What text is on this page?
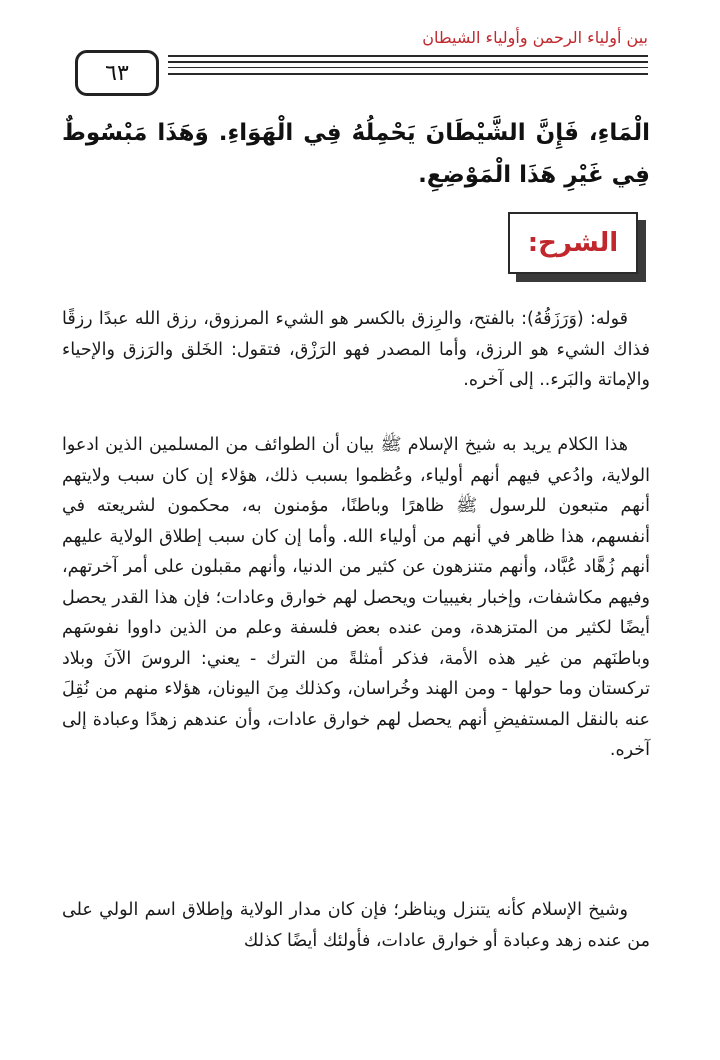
بين أولياء الرحمن وأولياء الشيطان
٦٣
الْمَاءِ، فَإِنَّ الشَّيْطَانَ يَحْمِلُهُ فِي الْهَوَاءِ. وَهَذَا مَبْسُوطٌ فِي غَيْرِ هَذَا الْمَوْضِعِ.
الشرح:

قوله: (وَرَزَقُهُ): بالفتح، والرِزق بالكسر هو الشيء المرزوق، رزق الله عبدًا رزقًا فذاك الشيء هو الرزق، وأما المصدر فهو الرَزْق، فتقول: الخَلق والرَزق والإحياء والإماتة والبَرء.. إلى آخره.

هذا الكلام يريد به شيخ الإسلام ﷺ بيان أن الطوائف من المسلمين الذين ادعوا الولاية، وادُعي فيهم أنهم أولياء، وعُظموا بسبب ذلك، هؤلاء إن كان سبب ولايتهم أنهم متبعون للرسول ﷺ ظاهرًا وباطنًا، مؤمنون به، محكمون لشريعته في أنفسهم، هذا ظاهر في أنهم من أولياء الله. وأما إن كان سبب إطلاق الولاية عليهم أنهم زُهَّاد عُبَّاد، وأنهم متنزهون عن كثير من الدنيا، وأنهم مقبلون على أمر آخرتهم، وفيهم مكاشفات، وإخبار بغيبيات ويحصل لهم خوارق وعادات؛ فإن هذا القدر يحصل أيضًا لكثير من المتزهدة، ومن عنده بعض فلسفة وعلم من الذين داووا نفوسَهم وباطنَهم من غير هذه الأمة، فذكر أمثلةً من الترك - يعني: الروسَ الآنَ وبلاد تركستان وما حولها - ومن الهند وخُراسان، وكذلك مِنَ اليونان، هؤلاء منهم من نُقِلَ عنه بالنقل المستفيضِ أنهم يحصل لهم خوارق عادات، وأن عندهم زهدًا وعبادة إلى آخره.

وشيخ الإسلام كأنه يتنزل ويناظر؛ فإن كان مدار الولاية وإطلاق اسم الولي على من عنده زهد وعبادة أو خوارق عادات، فأولئك أيضًا كذلك
